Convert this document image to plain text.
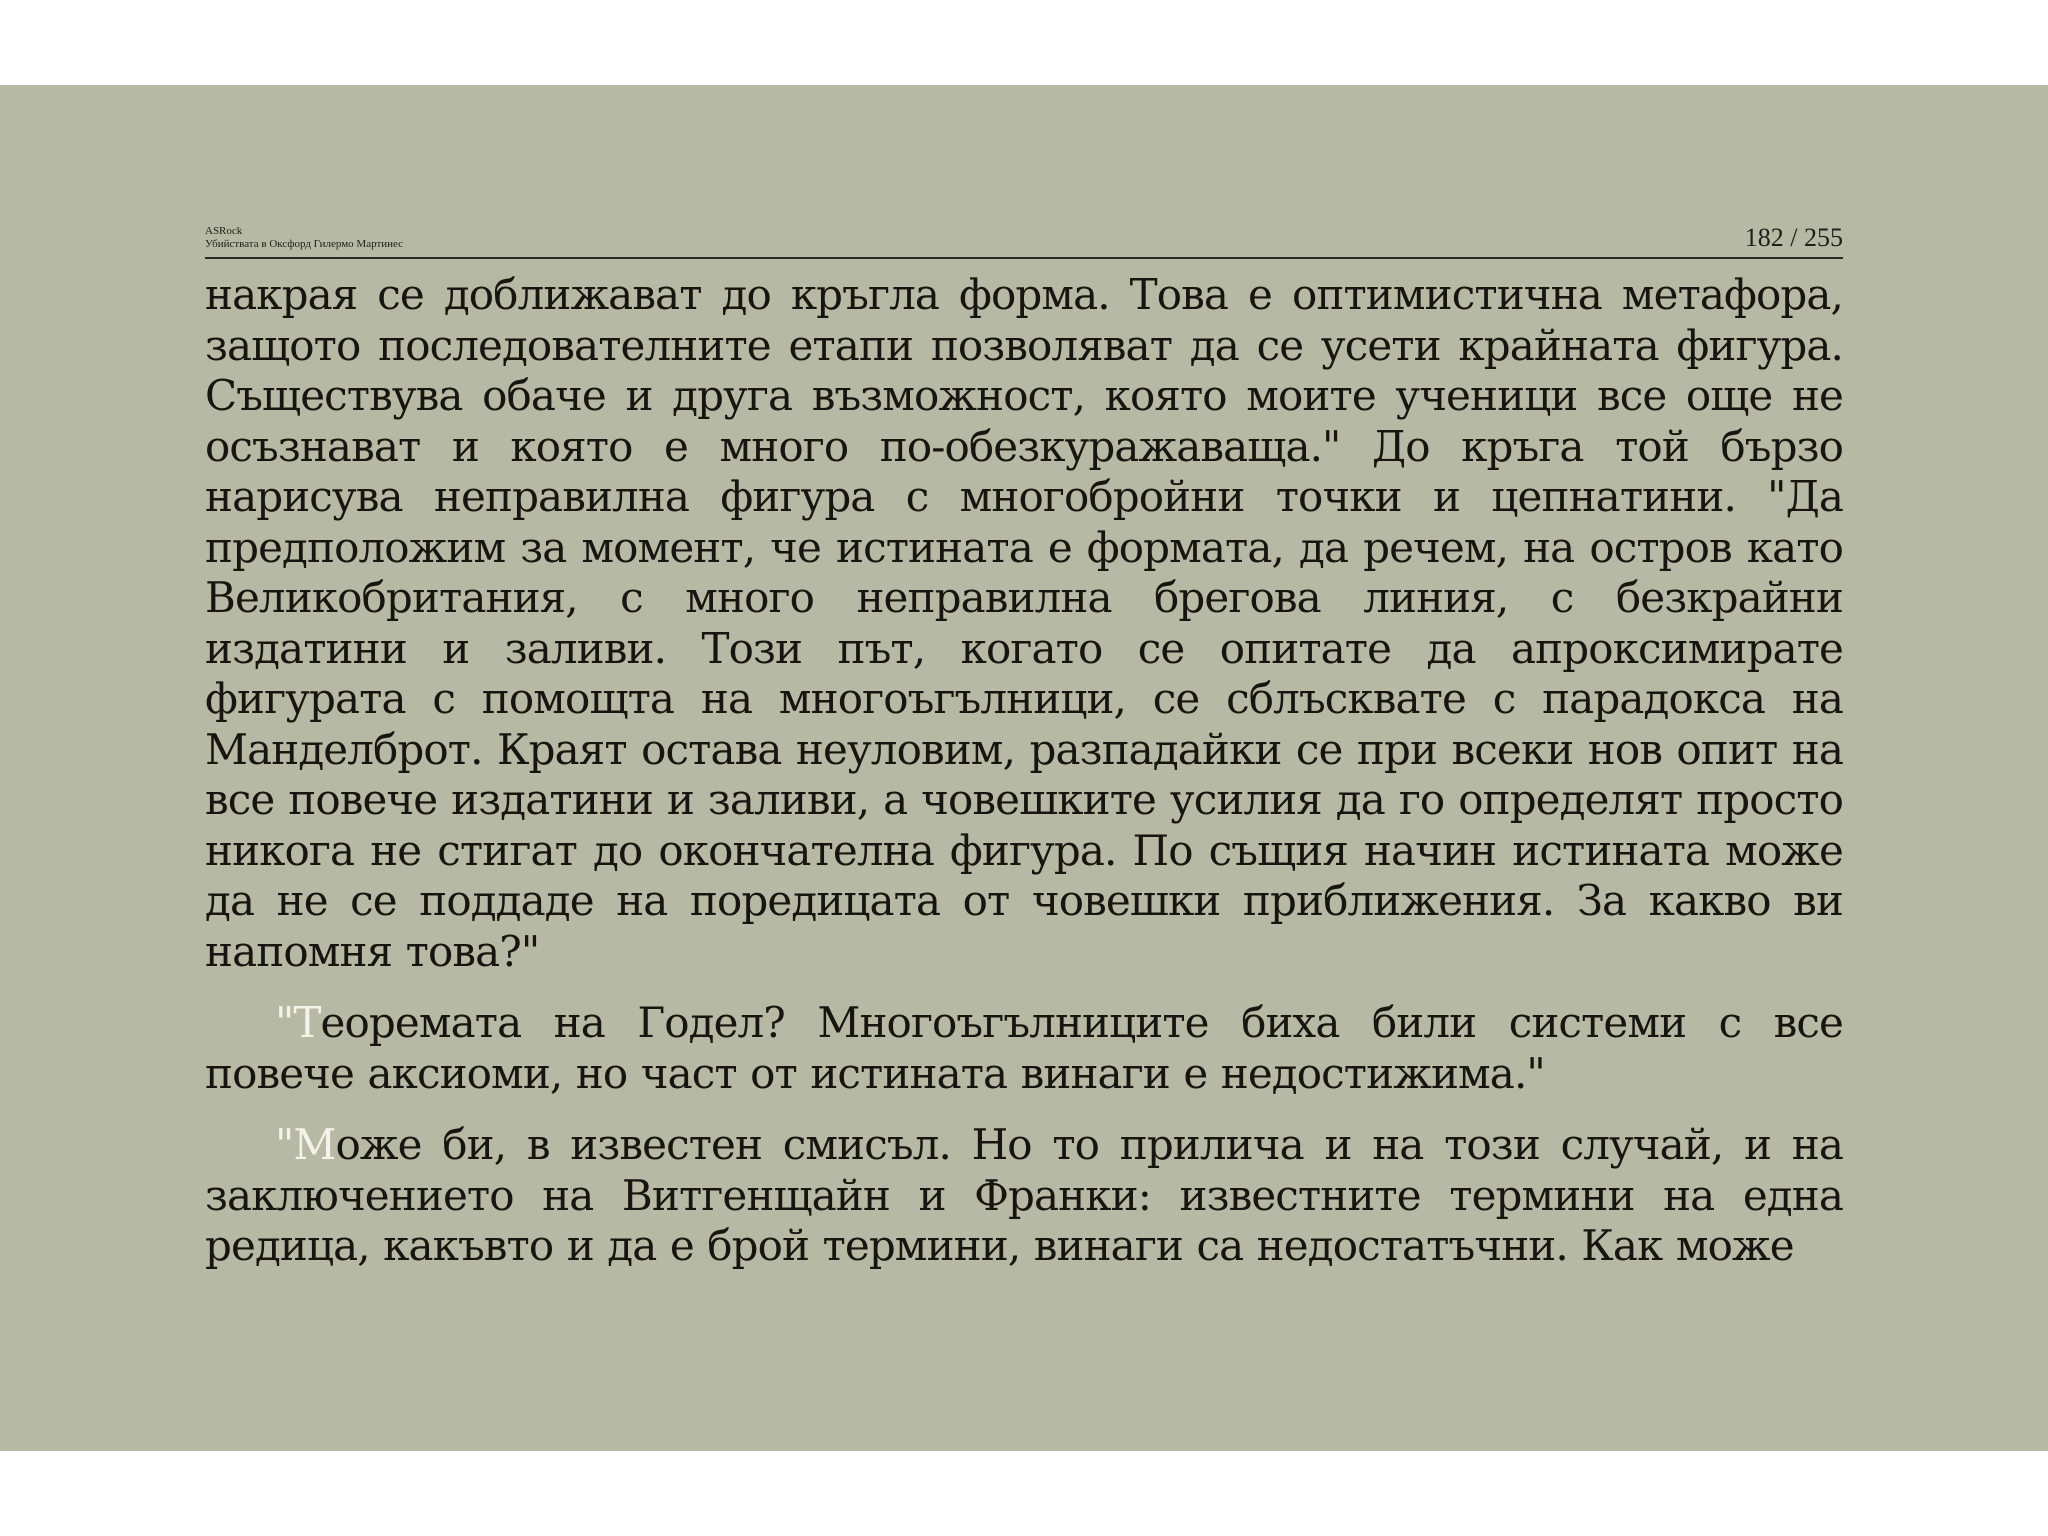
ASRock
Убийствата в Оксфорд Гилермо Мартинес	182 / 255

накрая се доближават до кръгла форма. Това е оптимистична метафора, защото последователните етапи позволяват да се усети крайната фигура. Съществува обаче и друга възможност, която моите ученици все още не осъзнават и която е много по-обезкуражаваща." До кръга той бързо нарисува неправилна фигура с многобройни точки и цепнатини. "Да предположим за момент, че истината е формата, да речем, на остров като Великобритания, с много неправилна брегова линия, с безкрайни издатини и заливи. Този път, когато се опитате да апроксимирате фигурата с помощта на многоъгълници, се сблъсквате с парадокса на Манделброт. Краят остава неуловим, разпадайки се при всеки нов опит на все повече издатини и заливи, а човешките усилия да го определят просто никога не стигат до окончателна фигура. По същия начин истината може да не се поддаде на поредицата от човешки приближения. За какво ви напомня това?"

"Теоремата на Годел? Многоъгълниците биха били системи с все повече аксиоми, но част от истината винаги е недостижима."

"Може би, в известен смисъл. Но то прилича и на този случай, и на заключението на Витгенщайн и Франки: известните термини на една редица, какъвто и да е брой термини, винаги са недостатъчни. Как може
